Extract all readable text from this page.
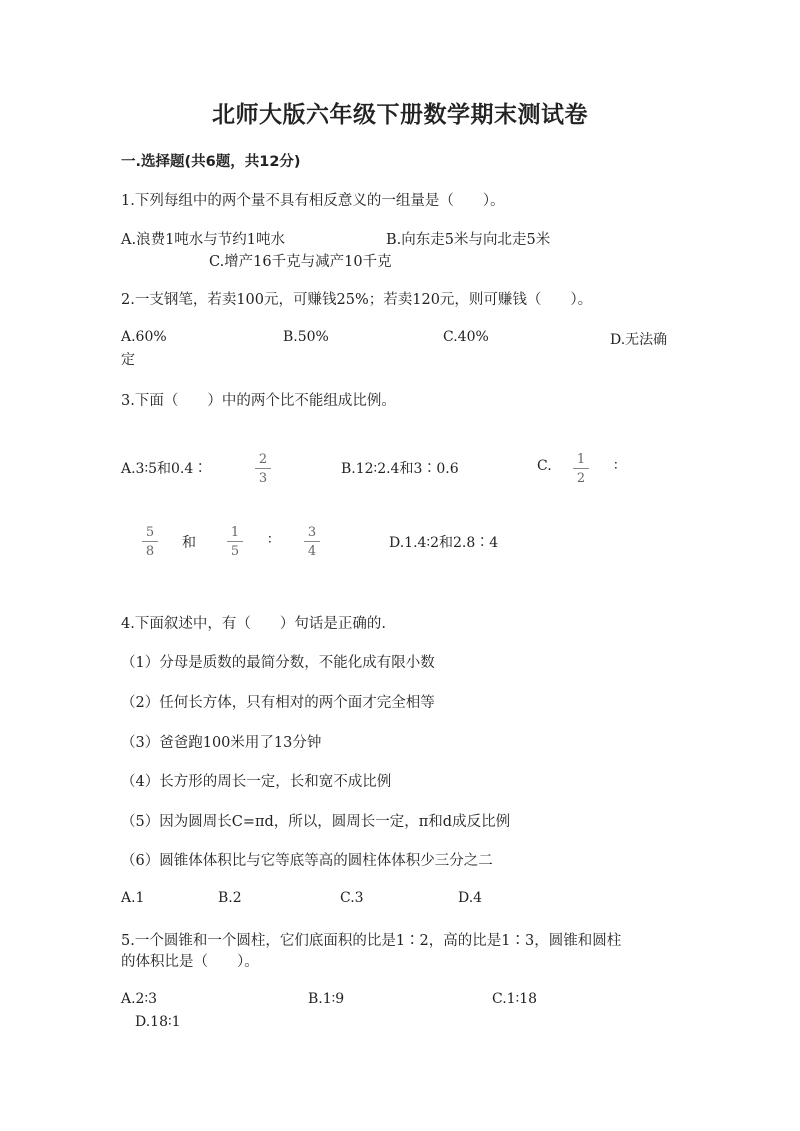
北师大版六年级下册数学期末测试卷
一.选择题(共6题，共12分)
1.下列每组中的两个量不具有相反意义的一组量是（　　）。
A.浪费1吨水与节约1吨水	B.向东走5米与向北走5米
C.增产16千克与减产10千克
2.一支钢笔，若卖100元，可赚钱25%；若卖120元，则可赚钱（　　）。
A.60%	B.50%	C.40%	D.无法确
定
3.下面（　　）中的两个比不能组成比例。
A.3∶5和0.4∶
2
3
B.12∶2.4和3∶0.6	C.	1
2
∶
5
8
和
1
5
∶	3
4
D.1.4∶2和2.8∶4
4.下面叙述中，有（　　）句话是正确的.
（1）分母是质数的最简分数，不能化成有限小数
（2）任何长方体，只有相对的两个面才完全相等
（3）爸爸跑100米用了13分钟
（4）长方形的周长一定，长和宽不成比例
（5）因为圆周长C=πd，所以，圆周长一定，π和d成反比例
（6）圆锥体体积比与它等底等高的圆柱体体积少三分之二
A.1	B.2	C.3	D.4
5.一个圆锥和一个圆柱，它们底面积的比是1∶2，高的比是1∶3，圆锥和圆柱
的体积比是（　　）。
A.2∶3	B.1∶9	C.1∶18
D.18∶1
